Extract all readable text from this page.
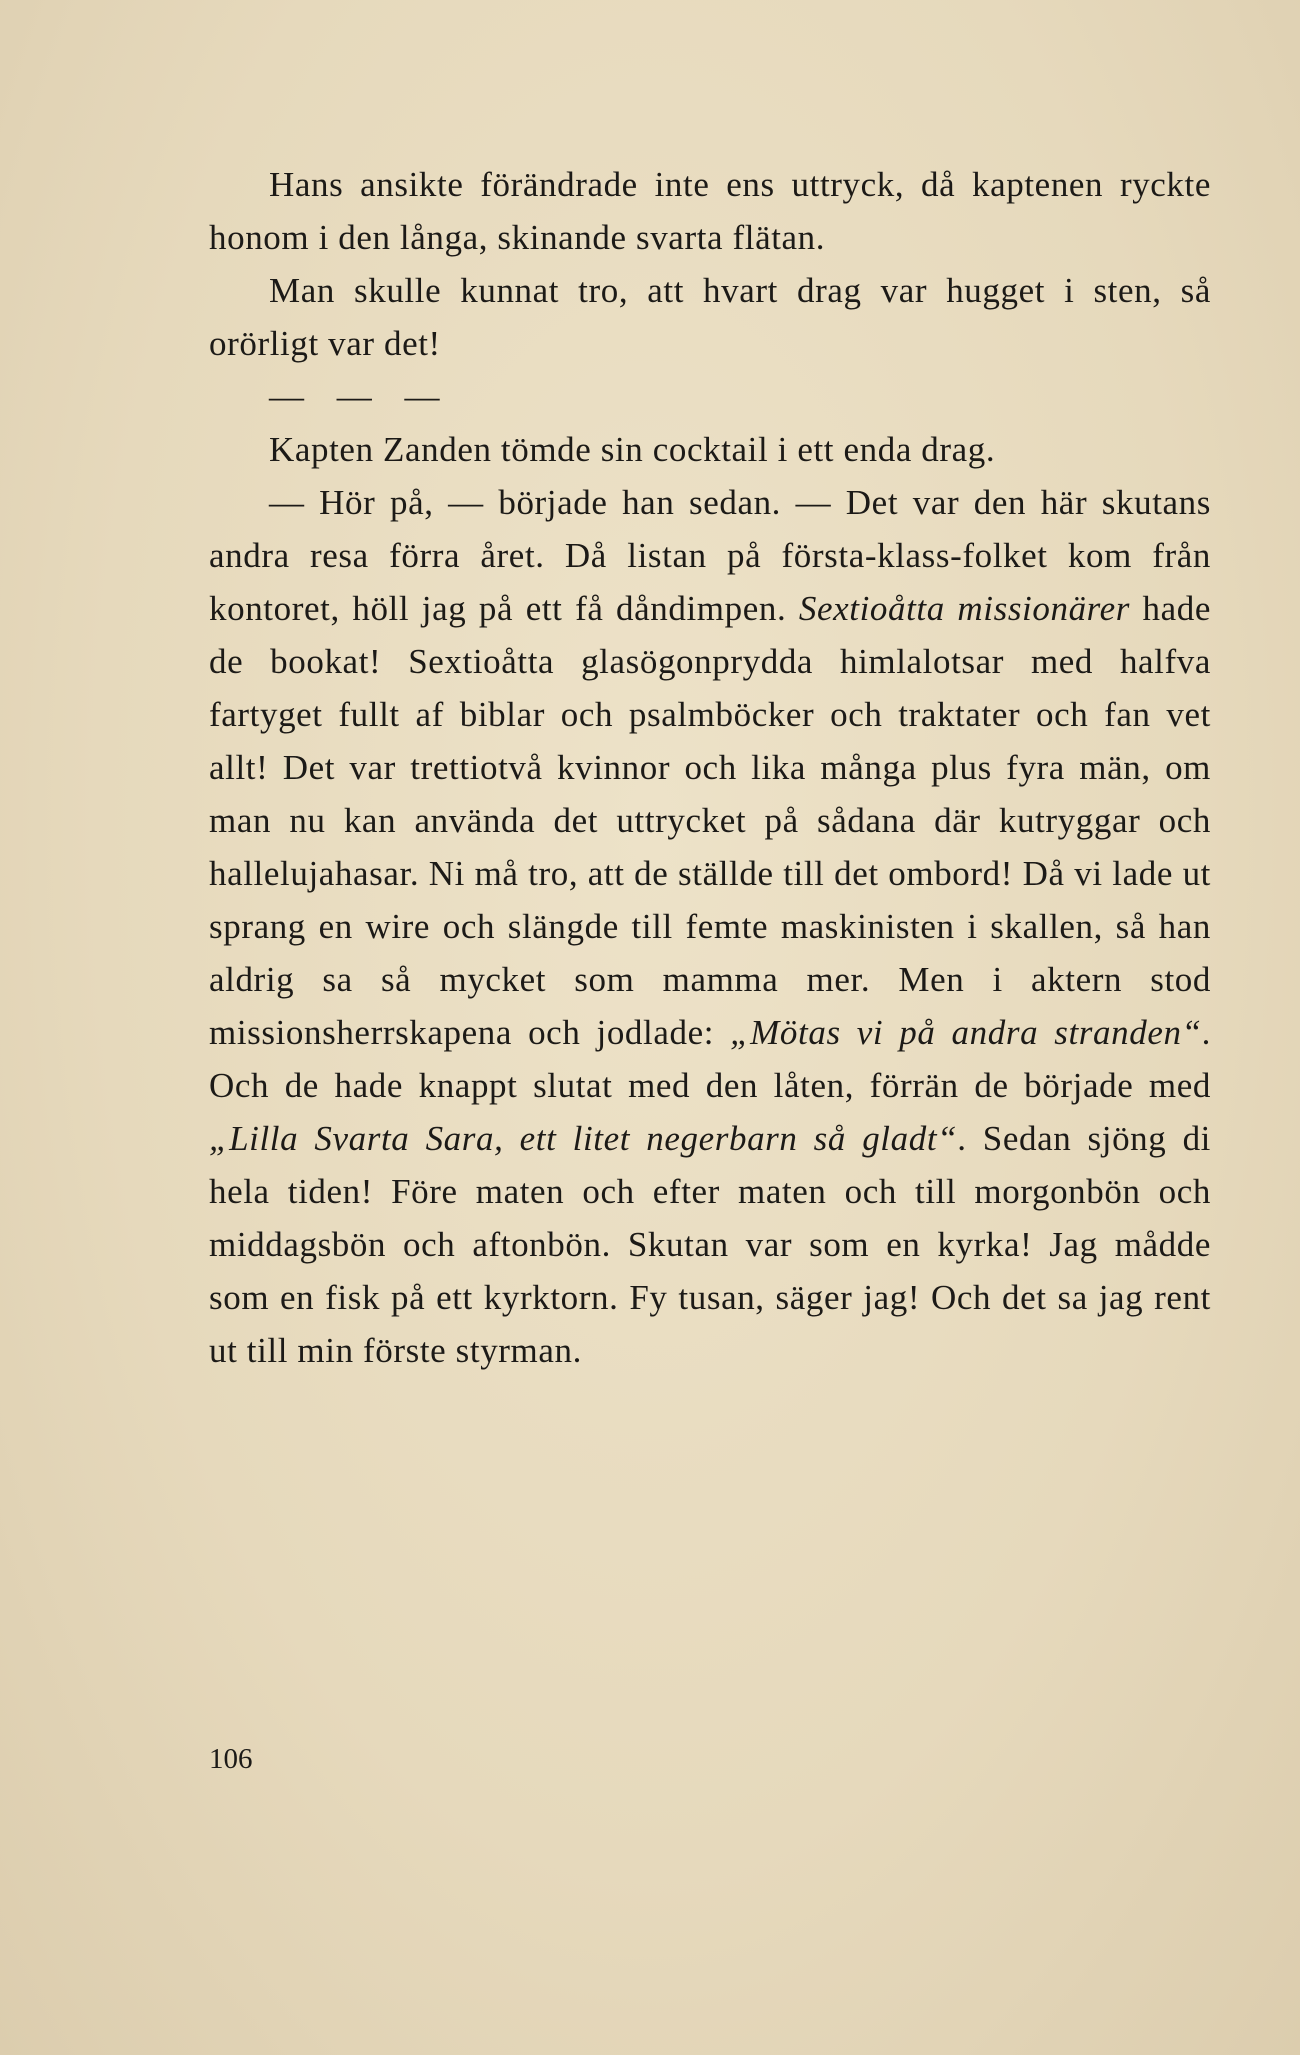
Hans ansikte förändrade inte ens uttryck, då kaptenen ryckte honom i den långa, skinande svarta flätan.

Man skulle kunnat tro, att hvart drag var hugget i sten, så orörligt var det!

— — —

Kapten Zanden tömde sin cocktail i ett enda drag.

— Hör på, — började han sedan. — Det var den här skutans andra resa förra året. Då listan på första-klass-folket kom från kontoret, höll jag på ett få dåndimpen. Sextioåtta missionärer hade de bookat! Sextioåtta glasögonprydda himlalotsar med halfva fartyget fullt af biblar och psalmböcker och traktater och fan vet allt! Det var trettiotvå kvinnor och lika många plus fyra män, om man nu kan använda det uttrycket på sådana där kutryggar och hallelujahasar. Ni må tro, att de ställde till det ombord! Då vi lade ut sprang en wire och slängde till femte maskinisten i skallen, så han aldrig sa så mycket som mamma mer. Men i aktern stod missionsherrskapena och jodlade: „Mötas vi på andra stranden“. Och de hade knappt slutat med den låten, förrän de började med „Lilla Svarta Sara, ett litet negerbarn så gladt“. Sedan sjöng di hela tiden! Före maten och efter maten och till morgonbön och middagsbön och aftonbön. Skutan var som en kyrka! Jag mådde som en fisk på ett kyrktorn. Fy tusan, säger jag! Och det sa jag rent ut till min förste styrman.

106
